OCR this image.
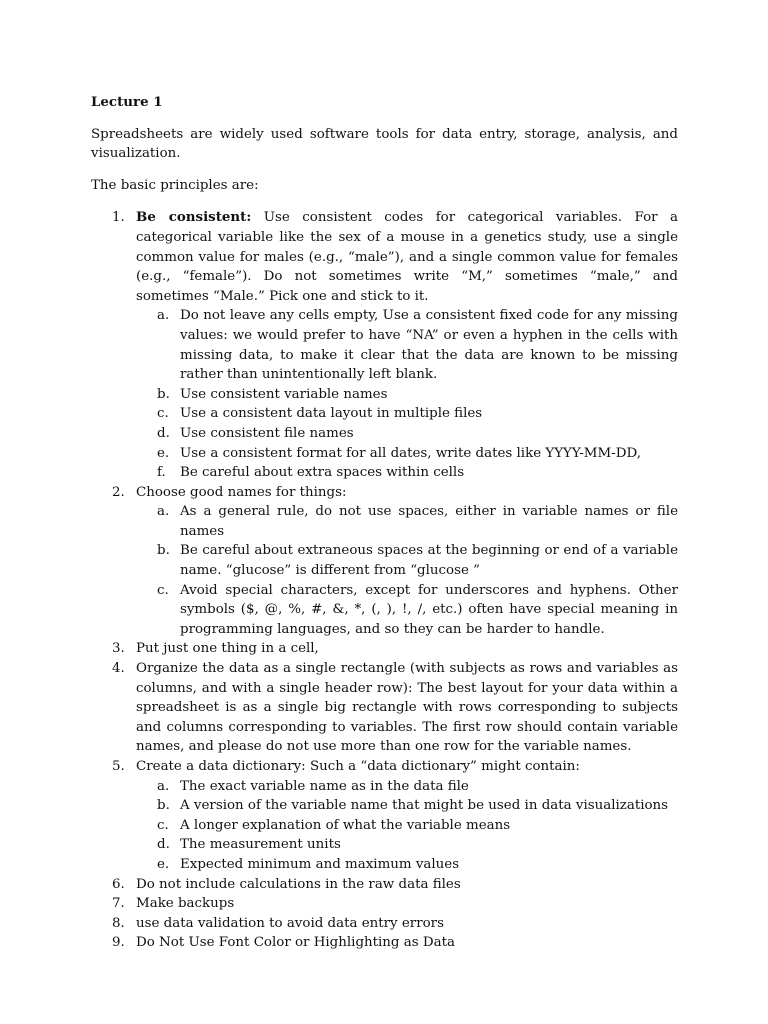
Lecture 1

Spreadsheets are widely used software tools for data entry, storage, analysis, and visualization.

The basic principles are:

1. Be consistent: Use consistent codes for categorical variables. For a categorical variable like the sex of a mouse in a genetics study, use a single common value for males (e.g., “male”), and a single common value for females (e.g., “female”). Do not sometimes write “M,” sometimes “male,” and sometimes “Male.” Pick one and stick to it.
a. Do not leave any cells empty, Use a consistent fixed code for any missing values: we would prefer to have “NA” or even a hyphen in the cells with missing data, to make it clear that the data are known to be missing rather than unintentionally left blank.
b. Use consistent variable names
c. Use a consistent data layout in multiple files
d. Use consistent file names
e. Use a consistent format for all dates, write dates like YYYY-MM-DD,
f. Be careful about extra spaces within cells
2. Choose good names for things:
a. As a general rule, do not use spaces, either in variable names or file names
b. Be careful about extraneous spaces at the beginning or end of a variable name. “glucose” is different from “glucose ”
c. Avoid special characters, except for underscores and hyphens. Other symbols ($, @, %, #, &, *, (, ), !, /, etc.) often have special meaning in programming languages, and so they can be harder to handle.
3. Put just one thing in a cell,
4. Organize the data as a single rectangle (with subjects as rows and variables as columns, and with a single header row): The best layout for your data within a spreadsheet is as a single big rectangle with rows corresponding to subjects and columns corresponding to variables. The first row should contain variable names, and please do not use more than one row for the variable names.
5. Create a data dictionary: Such a “data dictionary” might contain:
a. The exact variable name as in the data file
b. A version of the variable name that might be used in data visualizations
c. A longer explanation of what the variable means
d. The measurement units
e. Expected minimum and maximum values
6. Do not include calculations in the raw data files
7. Make backups
8. use data validation to avoid data entry errors
9. Do Not Use Font Color or Highlighting as Data
